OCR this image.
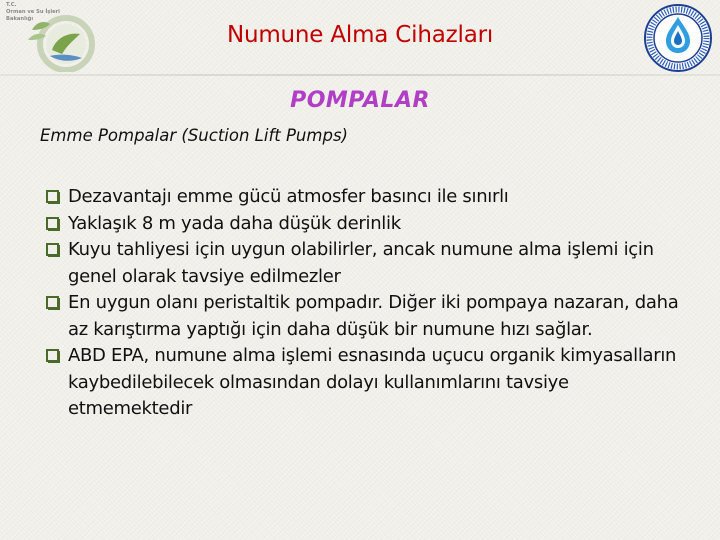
T.C.
Orman ve Su İşleri
Bakanlığı
Numune Alma Cihazları
POMPALAR
Emme Pompalar (Suction Lift Pumps)
Dezavantajı emme gücü atmosfer basıncı ile sınırlı
Yaklaşık 8 m yada daha düşük derinlik
Kuyu tahliyesi için uygun olabilirler, ancak numune alma işlemi için genel olarak tavsiye edilmezler
En uygun olanı peristaltik pompadır. Diğer iki pompaya nazaran, daha az karıştırma yaptığı için daha düşük bir numune hızı sağlar.
ABD EPA, numune alma işlemi esnasında uçucu organik kimyasalların kaybedilebilecek olmasından dolayı kullanımlarını tavsiye etmemektedir
